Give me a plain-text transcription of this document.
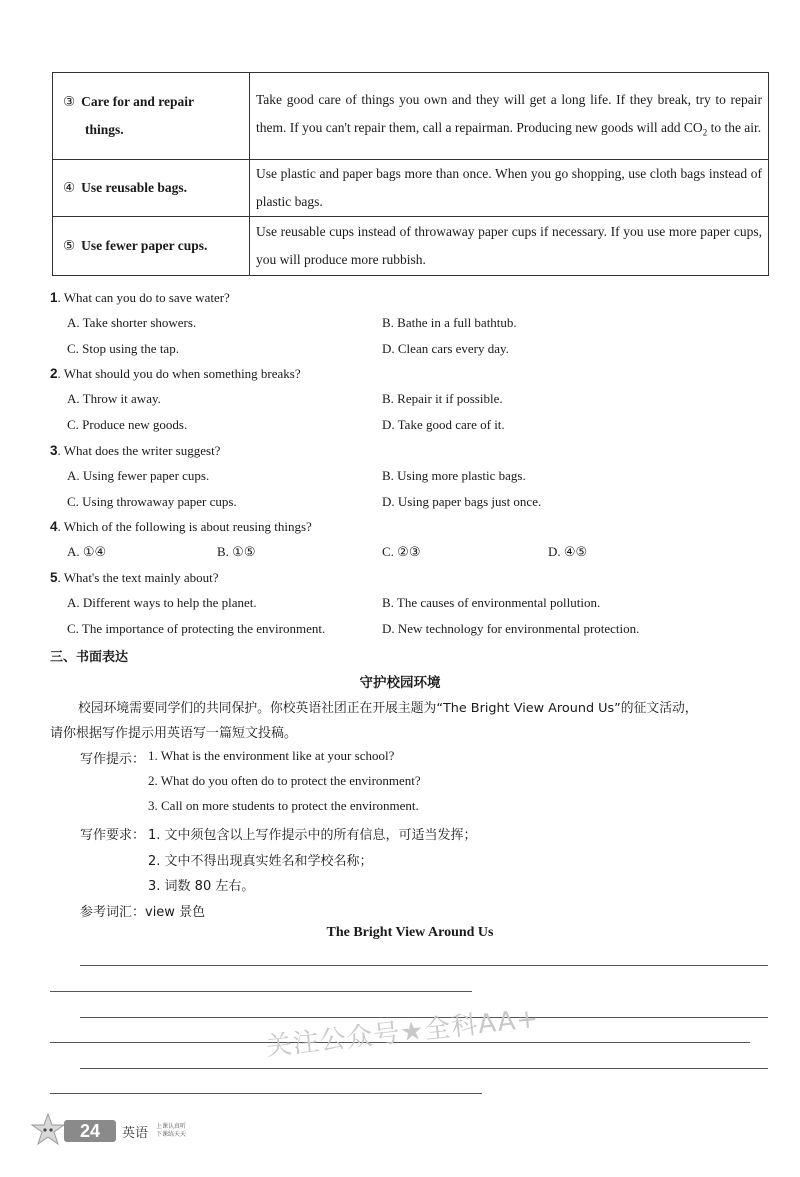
③ Care for and repair
things.	Take good care of things you own and they will get a long life. If they break, try to repair them. If you can't repair them, call a repairman. Producing new goods will add $CO_2$ to the air.
④ Use reusable bags.	Use plastic and paper bags more than once. When you go shopping, use cloth bags instead of plastic bags.
⑤ Use fewer paper cups.	Use reusable cups instead of throwaway paper cups if necessary. If you use more paper cups, you will produce more rubbish.
1. What can you do to save water?
A. Take shorter showers.	B. Bathe in a full bathtub.
C. Stop using the tap.	D. Clean cars every day.
2. What should you do when something breaks?
A. Throw it away.	B. Repair it if possible.
C. Produce new goods.	D. Take good care of it.
3. What does the writer suggest?
A. Using fewer paper cups.	B. Using more plastic bags.
C. Using throwaway paper cups.	D. Using paper bags just once.
4. Which of the following is about reusing things?
A. ①④	B. ①⑤	C. ②③	D. ④⑤
5. What's the text mainly about?
A. Different ways to help the planet.	B. The causes of environmental pollution.
C. The importance of protecting the environment.	D. New technology for environmental protection.
三、书面表达
守护校园环境
校园环境需要同学们的共同保护。你校英语社团正在开展主题为“The Bright View Around Us”的征文活动，
请你根据写作提示用英语写一篇短文投稿。
写作提示： 1. What is the environment like at your school?
2. What do you often do to protect the environment?
3. Call on more students to protect the environment.
写作要求： 1. 文中须包含以上写作提示中的所有信息，可适当发挥；
2. 文中不得出现真实姓名和学校名称；
3. 词数 80 左右。
参考词汇：view 景色
The Bright View Around Us
关注公众号★全科AA+
24	英语 上课认真听
下课练天天
